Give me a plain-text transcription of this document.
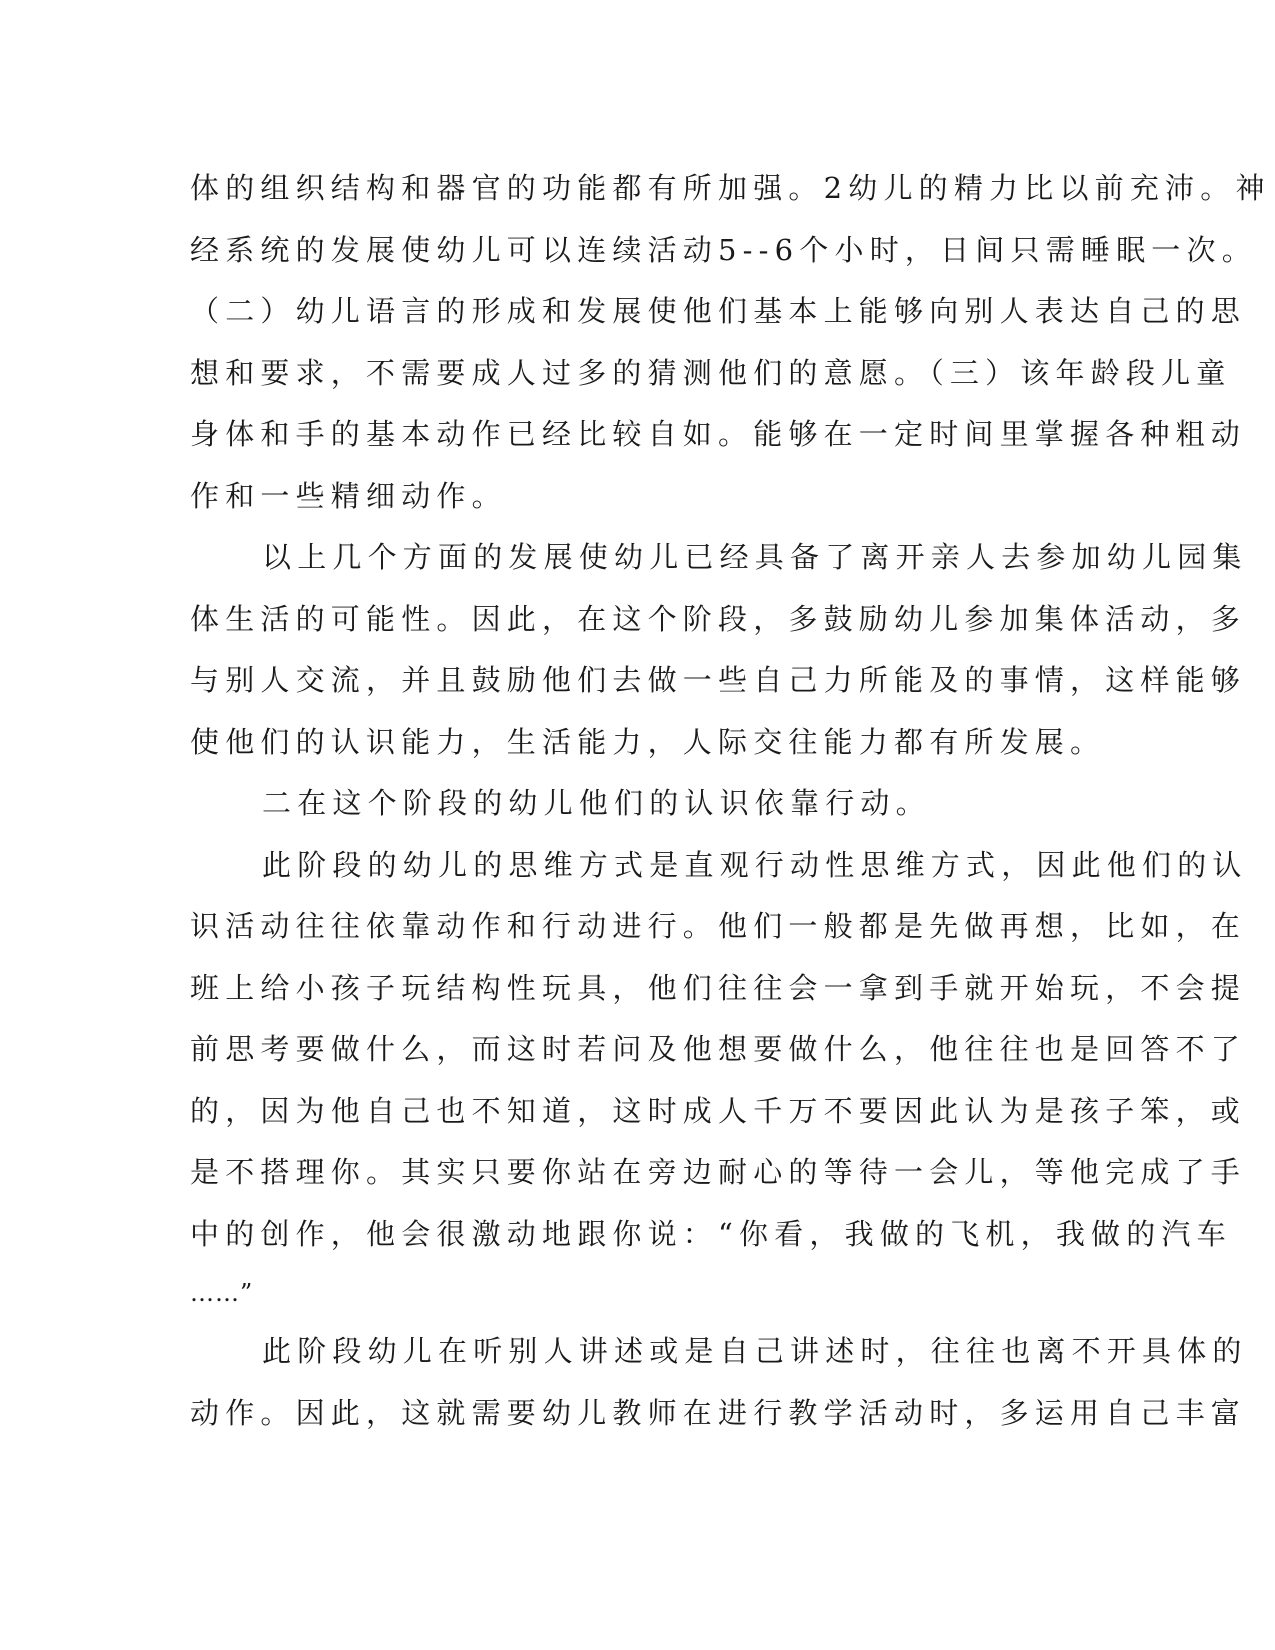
体的组织结构和器官的功能都有所加强。2幼儿的精力比以前充沛。神
经系统的发展使幼儿可以连续活动5--6个小时，日间只需睡眠一次。
（二）幼儿语言的形成和发展使他们基本上能够向别人表达自己的思
想和要求，不需要成人过多的猜测他们的意愿。（三）该年龄段儿童
身体和手的基本动作已经比较自如。能够在一定时间里掌握各种粗动
作和一些精细动作。
以上几个方面的发展使幼儿已经具备了离开亲人去参加幼儿园集
体生活的可能性。因此，在这个阶段，多鼓励幼儿参加集体活动，多
与别人交流，并且鼓励他们去做一些自己力所能及的事情，这样能够
使他们的认识能力，生活能力，人际交往能力都有所发展。
二在这个阶段的幼儿他们的认识依靠行动。
此阶段的幼儿的思维方式是直观行动性思维方式，因此他们的认
识活动往往依靠动作和行动进行。他们一般都是先做再想，比如，在
班上给小孩子玩结构性玩具，他们往往会一拿到手就开始玩，不会提
前思考要做什么，而这时若问及他想要做什么，他往往也是回答不了
的，因为他自己也不知道，这时成人千万不要因此认为是孩子笨，或
是不搭理你。其实只要你站在旁边耐心的等待一会儿，等他完成了手
中的创作，他会很激动地跟你说：“你看，我做的飞机，我做的汽车
……”
此阶段幼儿在听别人讲述或是自己讲述时，往往也离不开具体的
动作。因此，这就需要幼儿教师在进行教学活动时，多运用自己丰富
